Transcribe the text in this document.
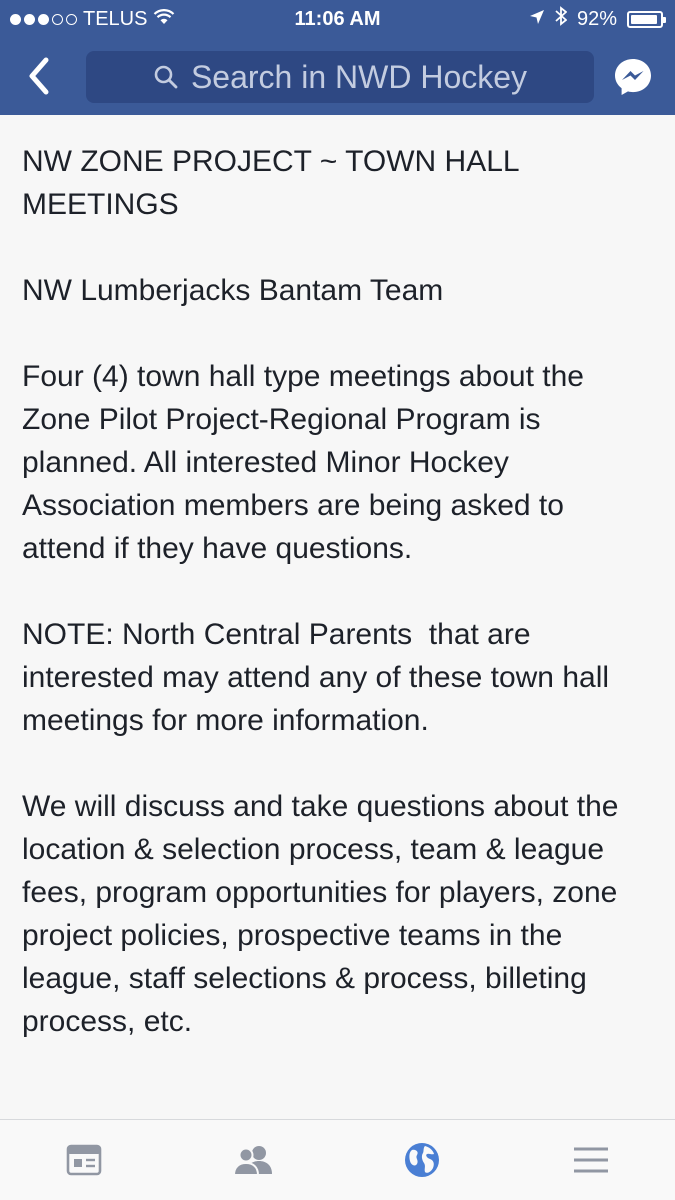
TELUS	11:06 AM	92%
Search in NWD Hockey

NW ZONE PROJECT ~ TOWN HALL MEETINGS

NW Lumberjacks Bantam Team

Four (4) town hall type meetings about the Zone Pilot Project-Regional Program is planned. All interested Minor Hockey Association members are being asked to attend if they have questions.

NOTE: North Central Parents  that are interested may attend any of these town hall meetings for more information.

We will discuss and take questions about the location & selection process, team & league fees, program opportunities for players, zone project policies, prospective teams in the league, staff selections & process, billeting process, etc.
